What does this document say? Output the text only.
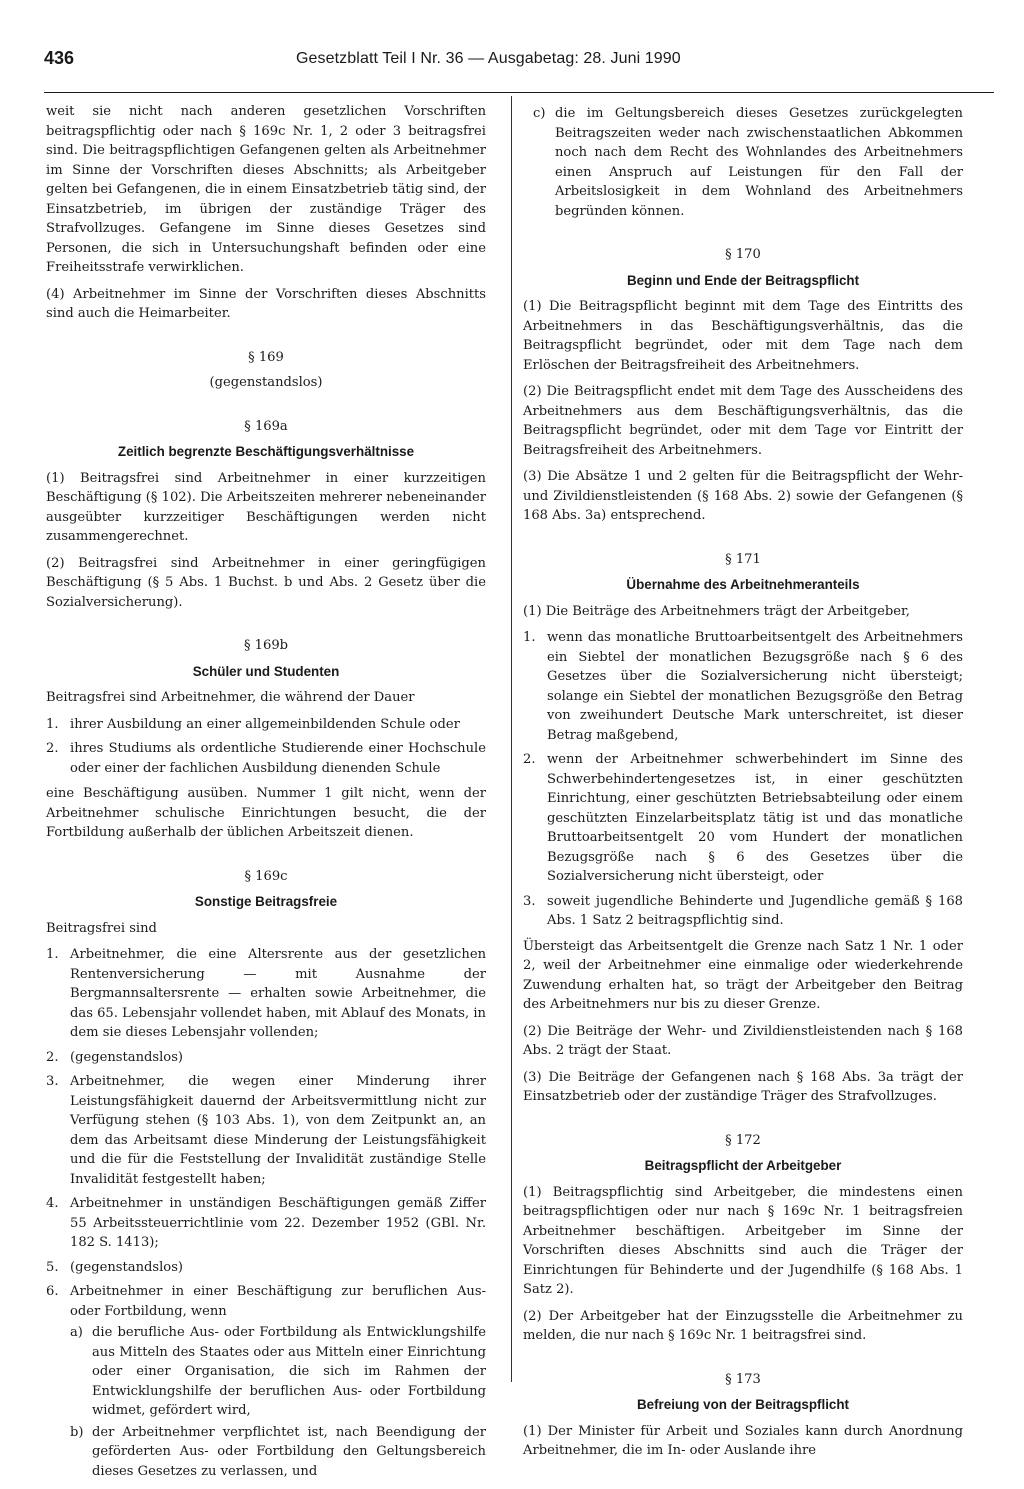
436	Gesetzblatt Teil I Nr. 36 — Ausgabetag: 28. Juni 1990

weit sie nicht nach anderen gesetzlichen Vorschriften beitragspflichtig oder nach § 169c Nr. 1, 2 oder 3 beitragsfrei sind. Die beitragspflichtigen Gefangenen gelten als Arbeitnehmer im Sinne der Vorschriften dieses Abschnitts; als Arbeitgeber gelten bei Gefangenen, die in einem Einsatzbetrieb tätig sind, der Einsatzbetrieb, im übrigen der zuständige Träger des Strafvollzuges. Gefangene im Sinne dieses Gesetzes sind Personen, die sich in Untersuchungshaft befinden oder eine Freiheitsstrafe verwirklichen.

(4) Arbeitnehmer im Sinne der Vorschriften dieses Abschnitts sind auch die Heimarbeiter.

§ 169
(gegenstandslos)
§ 169a
Zeitlich begrenzte Beschäftigungsverhältnisse

(1) Beitragsfrei sind Arbeitnehmer in einer kurzzeitigen Beschäftigung (§ 102). Die Arbeitszeiten mehrerer nebeneinander ausgeübter kurzzeitiger Beschäftigungen werden nicht zusammengerechnet.

(2) Beitragsfrei sind Arbeitnehmer in einer geringfügigen Beschäftigung (§ 5 Abs. 1 Buchst. b und Abs. 2 Gesetz über die Sozialversicherung).

§ 169b
Schüler und Studenten

Beitragsfrei sind Arbeitnehmer, die während der Dauer

1. ihrer Ausbildung an einer allgemeinbildenden Schule oder
2. ihres Studiums als ordentliche Studierende einer Hochschule oder einer der fachlichen Ausbildung dienenden Schule

eine Beschäftigung ausüben. Nummer 1 gilt nicht, wenn der Arbeitnehmer schulische Einrichtungen besucht, die der Fortbildung außerhalb der üblichen Arbeitszeit dienen.

§ 169c
Sonstige Beitragsfreie

Beitragsfrei sind

1. Arbeitnehmer, die eine Altersrente aus der gesetzlichen Rentenversicherung — mit Ausnahme der Bergmannsaltersrente — erhalten sowie Arbeitnehmer, die das 65. Lebensjahr vollendet haben, mit Ablauf des Monats, in dem sie dieses Lebensjahr vollenden;
2. (gegenstandslos)
3. Arbeitnehmer, die wegen einer Minderung ihrer Leistungsfähigkeit dauernd der Arbeitsvermittlung nicht zur Verfügung stehen (§ 103 Abs. 1), von dem Zeitpunkt an, an dem das Arbeitsamt diese Minderung der Leistungsfähigkeit und die für die Feststellung der Invalidität zuständige Stelle Invalidität festgestellt haben;
4. Arbeitnehmer in unständigen Beschäftigungen gemäß Ziffer 55 Arbeitssteuerrichtlinie vom 22. Dezember 1952 (GBl. Nr. 182 S. 1413);
5. (gegenstandslos)
6. Arbeitnehmer in einer Beschäftigung zur beruflichen Aus- oder Fortbildung, wenn
a) die berufliche Aus- oder Fortbildung als Entwicklungshilfe aus Mitteln des Staates oder aus Mitteln einer Einrichtung oder einer Organisation, die sich im Rahmen der Entwicklungshilfe der beruflichen Aus- oder Fortbildung widmet, gefördert wird,
b) der Arbeitnehmer verpflichtet ist, nach Beendigung der geförderten Aus- oder Fortbildung den Geltungsbereich dieses Gesetzes zu verlassen, und
c) die im Geltungsbereich dieses Gesetzes zurückgelegten Beitragszeiten weder nach zwischenstaatlichen Abkommen noch nach dem Recht des Wohnlandes des Arbeitnehmers einen Anspruch auf Leistungen für den Fall der Arbeitslosigkeit in dem Wohnland des Arbeitnehmers begründen können.
§ 170
Beginn und Ende der Beitragspflicht

(1) Die Beitragspflicht beginnt mit dem Tage des Eintritts des Arbeitnehmers in das Beschäftigungsverhältnis, das die Beitragspflicht begründet, oder mit dem Tage nach dem Erlöschen der Beitragsfreiheit des Arbeitnehmers.

(2) Die Beitragspflicht endet mit dem Tage des Ausscheidens des Arbeitnehmers aus dem Beschäftigungsverhältnis, das die Beitragspflicht begründet, oder mit dem Tage vor Eintritt der Beitragsfreiheit des Arbeitnehmers.

(3) Die Absätze 1 und 2 gelten für die Beitragspflicht der Wehr- und Zivildienstleistenden (§ 168 Abs. 2) sowie der Gefangenen (§ 168 Abs. 3a) entsprechend.

§ 171
Übernahme des Arbeitnehmeranteils

(1) Die Beiträge des Arbeitnehmers trägt der Arbeitgeber,

1. wenn das monatliche Bruttoarbeitsentgelt des Arbeitnehmers ein Siebtel der monatlichen Bezugsgröße nach § 6 des Gesetzes über die Sozialversicherung nicht übersteigt; solange ein Siebtel der monatlichen Bezugsgröße den Betrag von zweihundert Deutsche Mark unterschreitet, ist dieser Betrag maßgebend,
2. wenn der Arbeitnehmer schwerbehindert im Sinne des Schwerbehindertengesetzes ist, in einer geschützten Einrichtung, einer geschützten Betriebsabteilung oder einem geschützten Einzelarbeitsplatz tätig ist und das monatliche Bruttoarbeitsentgelt 20 vom Hundert der monatlichen Bezugsgröße nach § 6 des Gesetzes über die Sozialversicherung nicht übersteigt, oder
3. soweit jugendliche Behinderte und Jugendliche gemäß § 168 Abs. 1 Satz 2 beitragspflichtig sind.

Übersteigt das Arbeitsentgelt die Grenze nach Satz 1 Nr. 1 oder 2, weil der Arbeitnehmer eine einmalige oder wiederkehrende Zuwendung erhalten hat, so trägt der Arbeitgeber den Beitrag des Arbeitnehmers nur bis zu dieser Grenze.

(2) Die Beiträge der Wehr- und Zivildienstleistenden nach § 168 Abs. 2 trägt der Staat.

(3) Die Beiträge der Gefangenen nach § 168 Abs. 3a trägt der Einsatzbetrieb oder der zuständige Träger des Strafvollzuges.

§ 172
Beitragspflicht der Arbeitgeber

(1) Beitragspflichtig sind Arbeitgeber, die mindestens einen beitragspflichtigen oder nur nach § 169c Nr. 1 beitragsfreien Arbeitnehmer beschäftigen. Arbeitgeber im Sinne der Vorschriften dieses Abschnitts sind auch die Träger der Einrichtungen für Behinderte und der Jugendhilfe (§ 168 Abs. 1 Satz 2).

(2) Der Arbeitgeber hat der Einzugsstelle die Arbeitnehmer zu melden, die nur nach § 169c Nr. 1 beitragsfrei sind.

§ 173
Befreiung von der Beitragspflicht

(1) Der Minister für Arbeit und Soziales kann durch Anordnung Arbeitnehmer, die im In- oder Auslande ihre
